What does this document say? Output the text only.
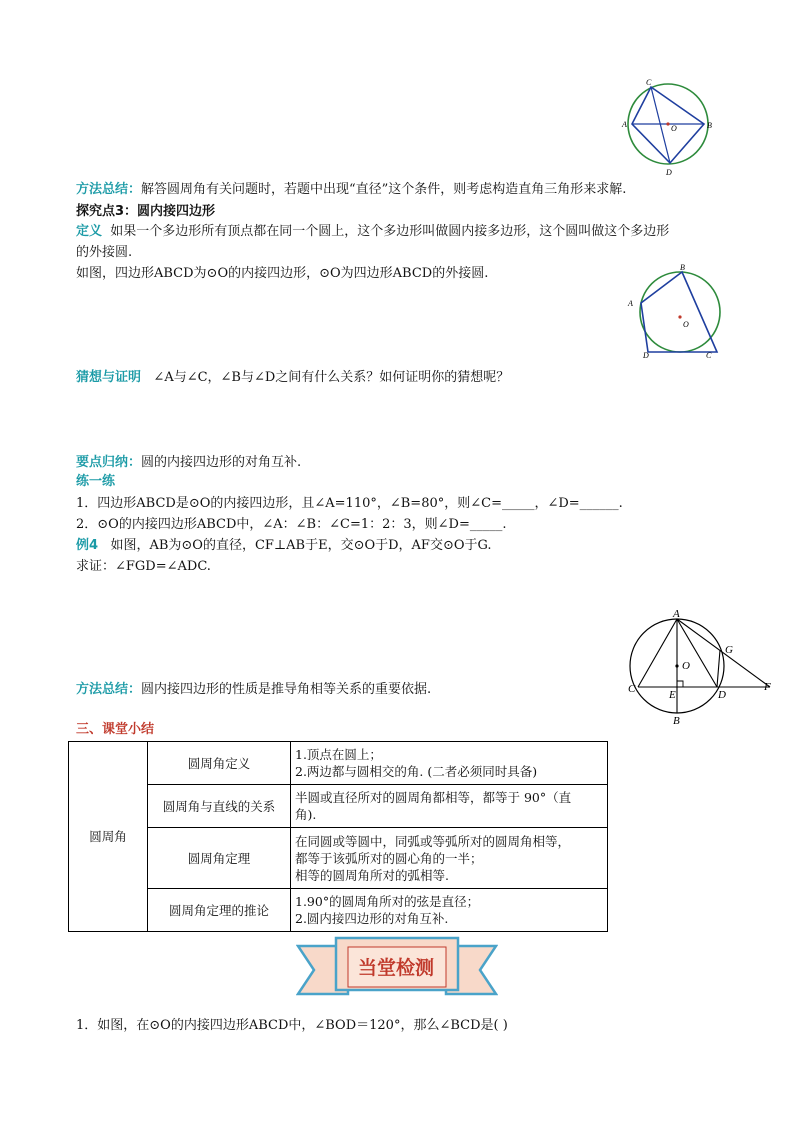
A
C
B
D
O
方法总结：解答圆周角有关问题时，若题中出现“直径”这个条件，则考虑构造直角三角形来求解.
探究点3：圆内接四边形
定义 如果一个多边形所有顶点都在同一个圆上，这个多边形叫做圆内接多边形，这个圆叫做这个多边形
的外接圆.
如图，四边形ABCD为⊙O的内接四边形，⊙O为四边形ABCD的外接圆.	B
A
D	C
O
猜想与证明 ∠A与∠C，∠B与∠D之间有什么关系？如何证明你的猜想呢？
要点归纳：圆的内接四边形的对角互补.
练一练
1．四边形ABCD是⊙O的内接四边形，且∠A=110°，∠B=80°，则∠C=_____，∠D=______.
2．⊙O的内接四边形ABCD中，∠A：∠B：∠C=1：2：3，则∠D=_____.
例4 如图，AB为⊙O的直径，CF⊥AB于E，交⊙O于D，AF交⊙O于G.
求证：∠FGD=∠ADC.
A
C	D
E
F
G
B
O
方法总结：圆内接四边形的性质是推导角相等关系的重要依据.
三、课堂小结
圆周角	圆周角定义	1.顶点在圆上；
2.两边都与圆相交的角. (二者必须同时具备)

	圆周角与直线的关系	半圆或直径所对的圆周角都相等，都等于 90°（直
角).

	圆周角定理	在同圆或等圆中，同弧或等弧所对的圆周角相等，
都等于该弧所对的圆心角的一半；
相等的圆周角所对的弧相等.

	圆周角定理的推论	1.90°的圆周角所对的弦是直径；
2.圆内接四边形的对角互补.
当堂检测
1．如图，在⊙O的内接四边形ABCD中，∠BOD＝120°，那么∠BCD是( )
